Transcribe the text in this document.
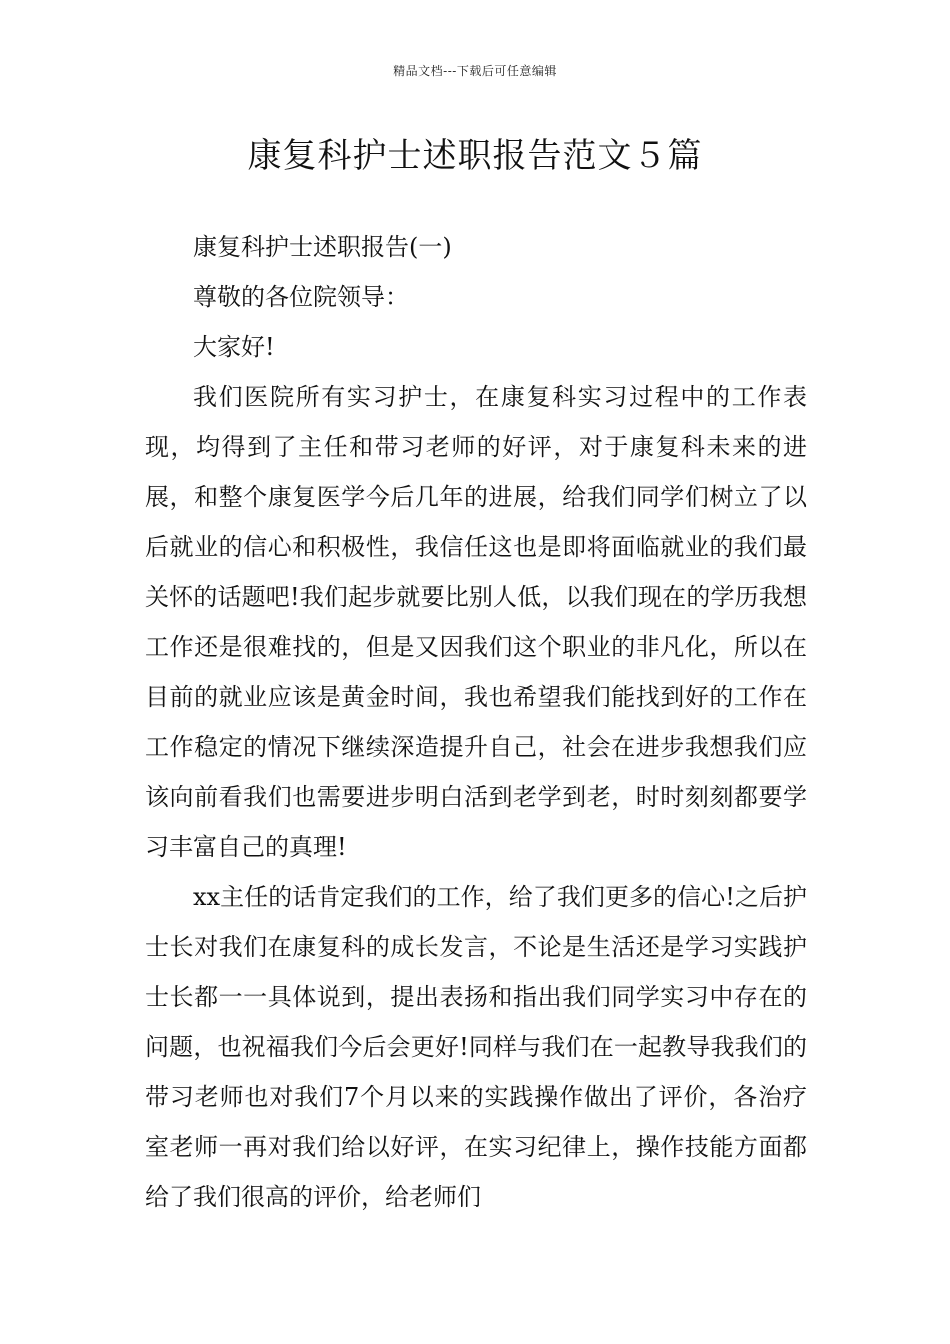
精品文档---下载后可任意编辑
康复科护士述职报告范文５篇

康复科护士述职报告(一)

尊敬的各位院领导：

大家好!

我们医院所有实习护士，在康复科实习过程中的工作表现，均得到了主任和带习老师的好评，对于康复科未来的进展，和整个康复医学今后几年的进展，给我们同学们树立了以后就业的信心和积极性，我信任这也是即将面临就业的我们最关怀的话题吧!我们起步就要比别人低，以我们现在的学历我想工作还是很难找的，但是又因我们这个职业的非凡化，所以在目前的就业应该是黄金时间，我也希望我们能找到好的工作在工作稳定的情况下继续深造提升自己，社会在进步我想我们应该向前看我们也需要进步明白活到老学到老，时时刻刻都要学习丰富自己的真理!

xx主任的话肯定我们的工作，给了我们更多的信心!之后护士长对我们在康复科的成长发言，不论是生活还是学习实践护士长都一一具体说到，提出表扬和指出我们同学实习中存在的问题，也祝福我们今后会更好!同样与我们在一起教导我我们的带习老师也对我们7个月以来的实践操作做出了评价，各治疗室老师一再对我们给以好评，在实习纪律上，操作技能方面都给了我们很高的评价，给老师们
